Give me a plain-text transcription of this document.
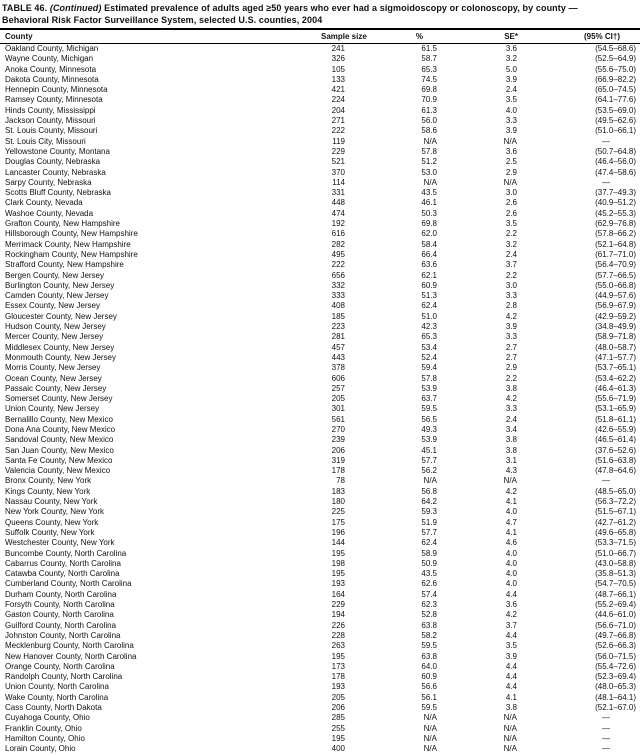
TABLE 46. (Continued) Estimated prevalence of adults aged ≥50 years who ever had a sigmoidoscopy or colonoscopy, by county —
Behavioral Risk Factor Surveillance System, selected U.S. counties, 2004
County	Sample size	%	SE*	(95% CI†)
Oakland County, Michigan	241	61.5	3.6	(54.5–68.6)
Wayne County, Michigan	326	58.7	3.2	(52.5–64.9)
Anoka County, Minnesota	105	65.3	5.0	(55.6–75.0)
Dakota County, Minnesota	133	74.5	3.9	(66.9–82.2)
Hennepin County, Minnesota	421	69.8	2.4	(65.0–74.5)
Ramsey County, Minnesota	224	70.9	3.5	(64.1–77.6)
Hinds County, Mississippi	204	61.3	4.0	(53.5–69.0)
Jackson County, Missouri	271	56.0	3.3	(49.5–62.6)
St. Louis County, Missouri	222	58.6	3.9	(51.0–66.1)
St. Louis City, Missouri	119	N/A	N/A	—
Yellowstone County, Montana	229	57.8	3.6	(50.7–64.8)
Douglas County, Nebraska	521	51.2	2.5	(46.4–56.0)
Lancaster County, Nebraska	370	53.0	2.9	(47.4–58.6)
Sarpy County, Nebraska	114	N/A	N/A	—
Scotts Bluff County, Nebraska	331	43.5	3.0	(37.7–49.3)
Clark County, Nevada	448	46.1	2.6	(40.9–51.2)
Washoe County, Nevada	474	50.3	2.6	(45.2–55.3)
Grafton County, New Hampshire	192	69.8	3.5	(62.9–76.8)
Hillsborough County, New Hampshire	616	62.0	2.2	(57.8–66.2)
Merrimack County, New Hampshire	282	58.4	3.2	(52.1–64.8)
Rockingham County, New Hampshire	495	66.4	2.4	(61.7–71.0)
Strafford County, New Hampshire	222	63.6	3.7	(56.4–70.9)
Bergen County, New Jersey	656	62.1	2.2	(57.7–66.5)
Burlington County, New Jersey	332	60.9	3.0	(55.0–66.8)
Camden County, New Jersey	333	51.3	3.3	(44.9–57.6)
Essex County, New Jersey	408	62.4	2.8	(56.9–67.9)
Gloucester County, New Jersey	185	51.0	4.2	(42.9–59.2)
Hudson County, New Jersey	223	42.3	3.9	(34.8–49.9)
Mercer County, New Jersey	281	65.3	3.3	(58.9–71.8)
Middlesex County, New Jersey	457	53.4	2.7	(48.0–58.7)
Monmouth County, New Jersey	443	52.4	2.7	(47.1–57.7)
Morris County, New Jersey	378	59.4	2.9	(53.7–65.1)
Ocean County, New Jersey	606	57.8	2.2	(53.4–62.2)
Passaic County, New Jersey	257	53.9	3.8	(46.4–61.3)
Somerset County, New Jersey	205	63.7	4.2	(55.6–71.9)
Union County, New Jersey	301	59.5	3.3	(53.1–65.9)
Bernalillo County, New Mexico	561	56.5	2.4	(51.8–61.1)
Dona Ana County, New Mexico	270	49.3	3.4	(42.6–55.9)
Sandoval County, New Mexico	239	53.9	3.8	(46.5–61.4)
San Juan County, New Mexico	206	45.1	3.8	(37.6–52.6)
Santa Fe County, New Mexico	319	57.7	3.1	(51.6–63.8)
Valencia County, New Mexico	178	56.2	4.3	(47.8–64.6)
Bronx County, New York	78	N/A	N/A	—
Kings County, New York	183	56.8	4.2	(48.5–65.0)
Nassau County, New York	180	64.2	4.1	(56.3–72.2)
New York County, New York	225	59.3	4.0	(51.5–67.1)
Queens County, New York	175	51.9	4.7	(42.7–61.2)
Suffolk County, New York	196	57.7	4.1	(49.6–65.8)
Westchester County, New York	144	62.4	4.6	(53.3–71.5)
Buncombe County, North Carolina	195	58.9	4.0	(51.0–66.7)
Cabarrus County, North Carolina	198	50.9	4.0	(43.0–58.8)
Catawba County, North Carolina	195	43.5	4.0	(35.8–51.3)
Cumberland County, North Carolina	193	62.6	4.0	(54.7–70.5)
Durham County, North Carolina	164	57.4	4.4	(48.7–66.1)
Forsyth County, North Carolina	229	62.3	3.6	(55.2–69.4)
Gaston County, North Carolina	194	52.8	4.2	(44.6–61.0)
Guilford County, North Carolina	226	63.8	3.7	(56.6–71.0)
Johnston County, North Carolina	228	58.2	4.4	(49.7–66.8)
Mecklenburg County, North Carolina	263	59.5	3.5	(52.6–66.3)
New Hanover County, North Carolina	195	63.8	3.9	(56.0–71.5)
Orange County, North Carolina	173	64.0	4.4	(55.4–72.6)
Randolph County, North Carolina	178	60.9	4.4	(52.3–69.4)
Union County, North Carolina	193	56.6	4.4	(48.0–65.3)
Wake County, North Carolina	205	56.1	4.1	(48.1–64.1)
Cass County, North Dakota	206	59.5	3.8	(52.1–67.0)
Cuyahoga County, Ohio	285	N/A	N/A	—
Franklin County, Ohio	255	N/A	N/A	—
Hamilton County, Ohio	195	N/A	N/A	—
Lorain County, Ohio	400	N/A	N/A	—
